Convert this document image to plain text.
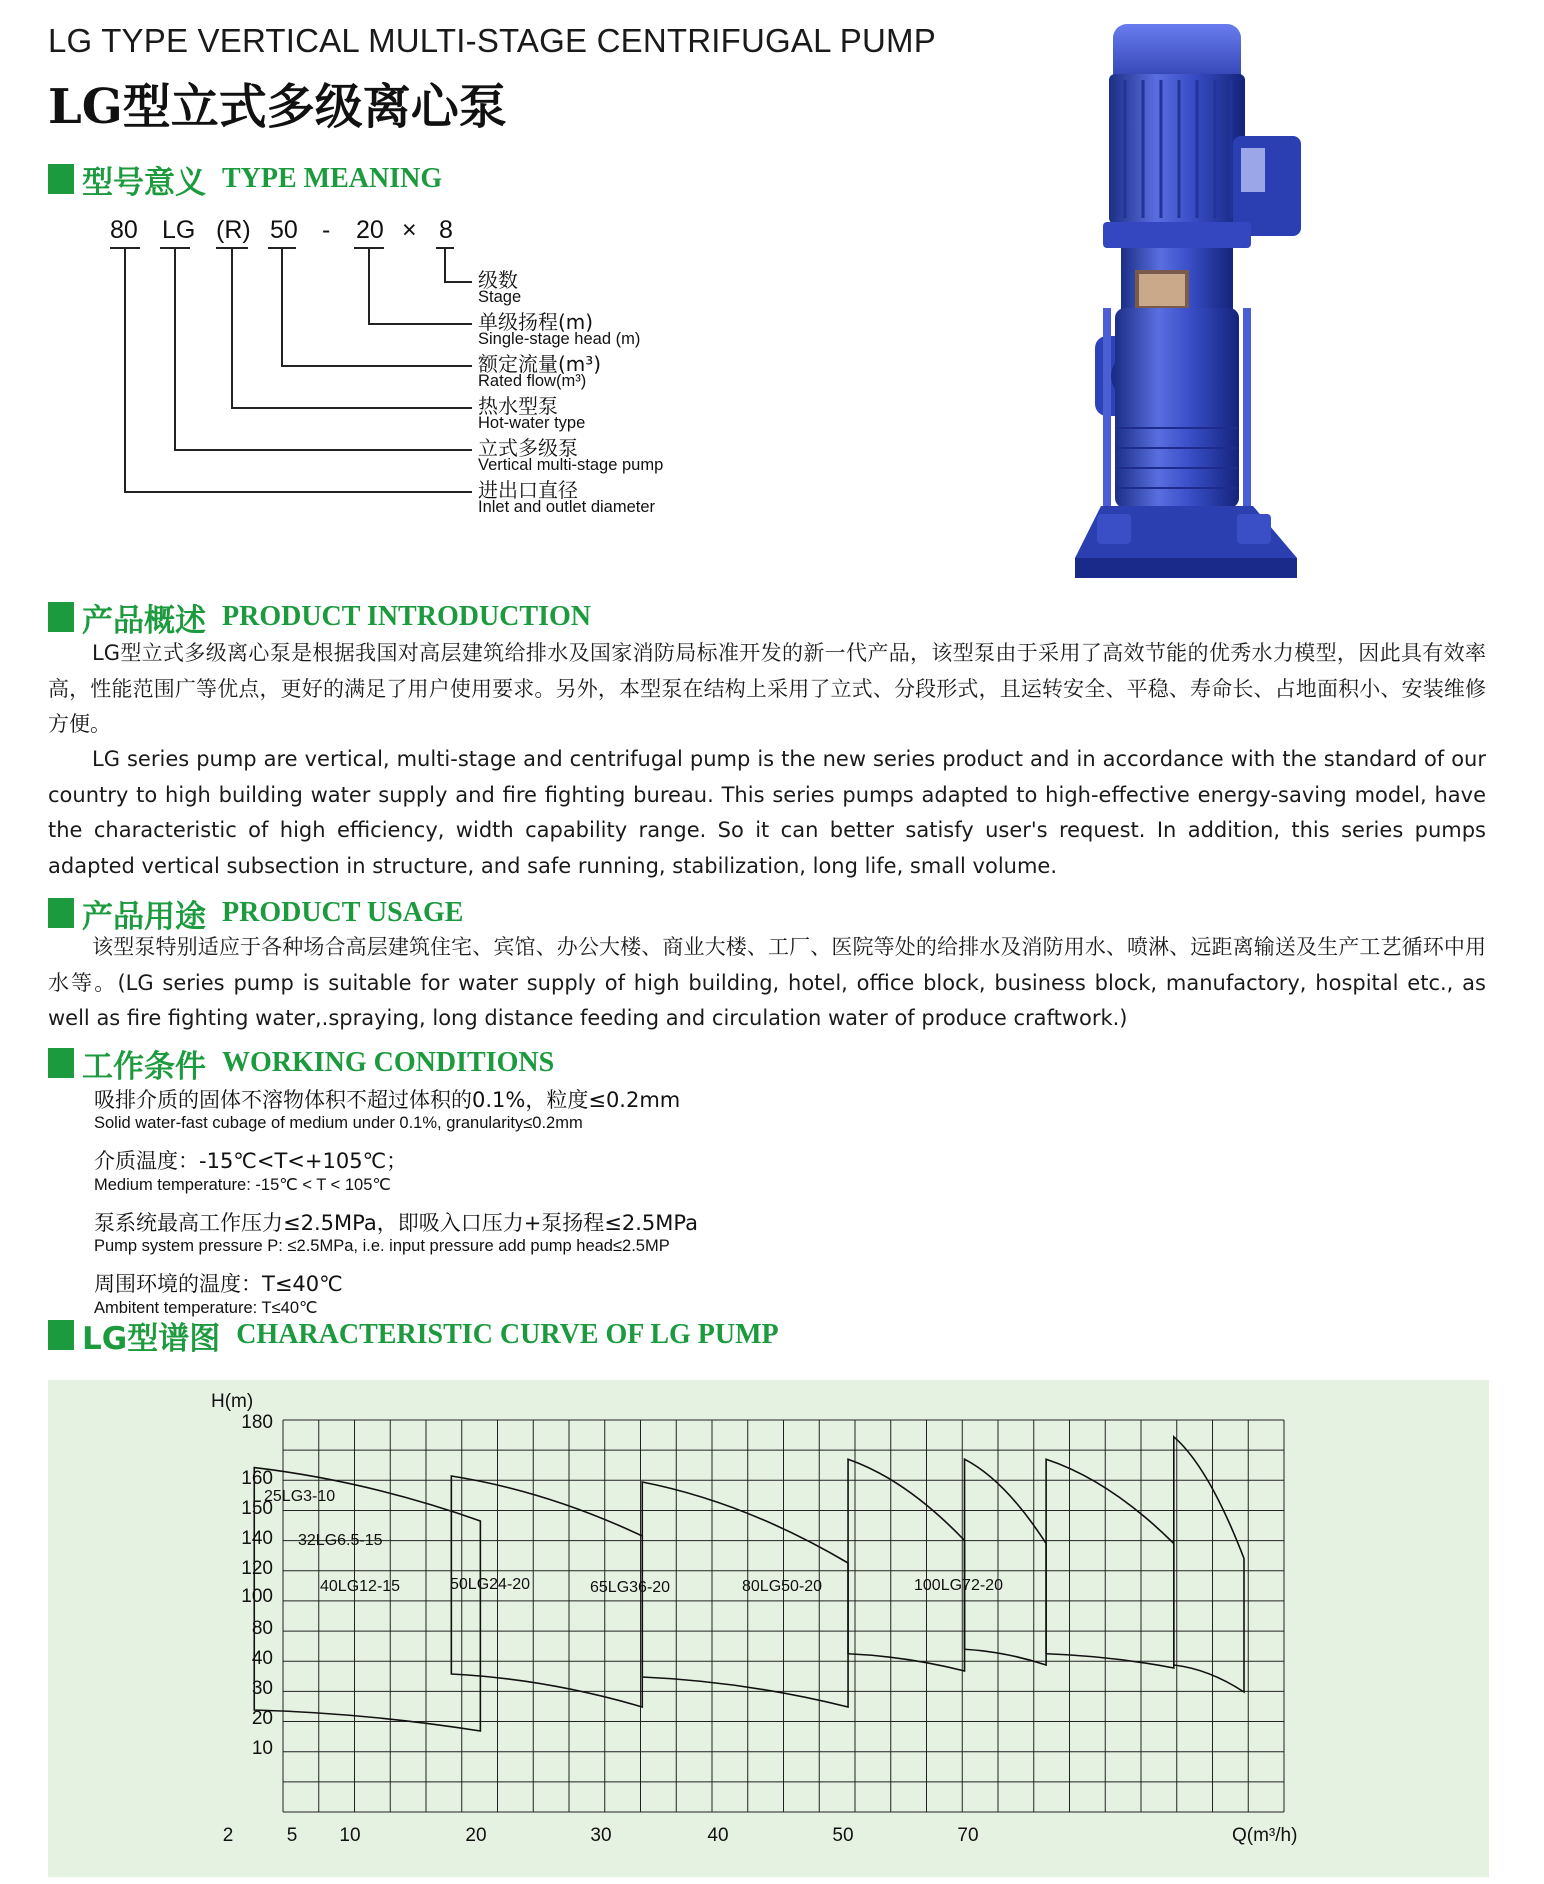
LG TYPE VERTICAL MULTI-STAGE CENTRIFUGAL PUMP
LG型立式多级离心泵
型号意义 TYPE MEANING
80 LG (R) 50 - 20 × 8
级数
Stage
单级扬程(m)
Single-stage head (m)
额定流量(m³)
Rated flow(m³)
热水型泵
Hot-water type
立式多级泵
Vertical multi-stage pump
进出口直径
Inlet and outlet diameter
产品概述 PRODUCT INTRODUCTION
LG型立式多级离心泵是根据我国对高层建筑给排水及国家消防局标准开发的新一代产品，该型泵由于采用了高效节能的优秀水力模型，因此具有效率高，性能范围广等优点，更好的满足了用户使用要求。另外，本型泵在结构上采用了立式、分段形式，且运转安全、平稳、寿命长、占地面积小、安装维修方便。
LG series pump are vertical, multi-stage and centrifugal pump is the new series product and in accordance with the standard of our country to high building water supply and fire fighting bureau. This series pumps adapted to high-effective energy-saving model, have the characteristic of high efficiency, width capability range. So it can better satisfy user's request. In addition, this series pumps adapted vertical subsection in structure, and safe running, stabilization, long life, small volume.
产品用途 PRODUCT USAGE
该型泵特别适应于各种场合高层建筑住宅、宾馆、办公大楼、商业大楼、工厂、医院等处的给排水及消防用水、喷淋、远距离输送及生产工艺循环中用水等。(LG series pump is suitable for water supply of high building, hotel, office block, business block, manufactory, hospital etc., as well as fire fighting water,.spraying, long distance feeding and circulation water of produce craftwork.)
工作条件 WORKING CONDITIONS
吸排介质的固体不溶物体积不超过体积的0.1%，粒度≤0.2mm
Solid water-fast cubage of medium under 0.1%, granularity≤0.2mm
介质温度：-15℃<T<+105℃；
Medium temperature: -15℃ < T < 105℃
泵系统最高工作压力≤2.5MPa，即吸入口压力+泵扬程≤2.5MPa
Pump system pressure P: ≤2.5MPa, i.e. input pressure add pump head≤2.5MP
周围环境的温度：T≤40℃
Ambitent temperature: T≤40℃
LG型谱图 CHARACTERISTIC CURVE OF LG PUMP
180
160
150
140
120
100
80
40
30
20
10
2	5 10	20	30	40	50	70
25LG3-10
32LG6.5-15
40LG12-15	50LG24-20	65LG36-20	80LG50-20	100LG72-20
H(m)
Q(m³/h)
